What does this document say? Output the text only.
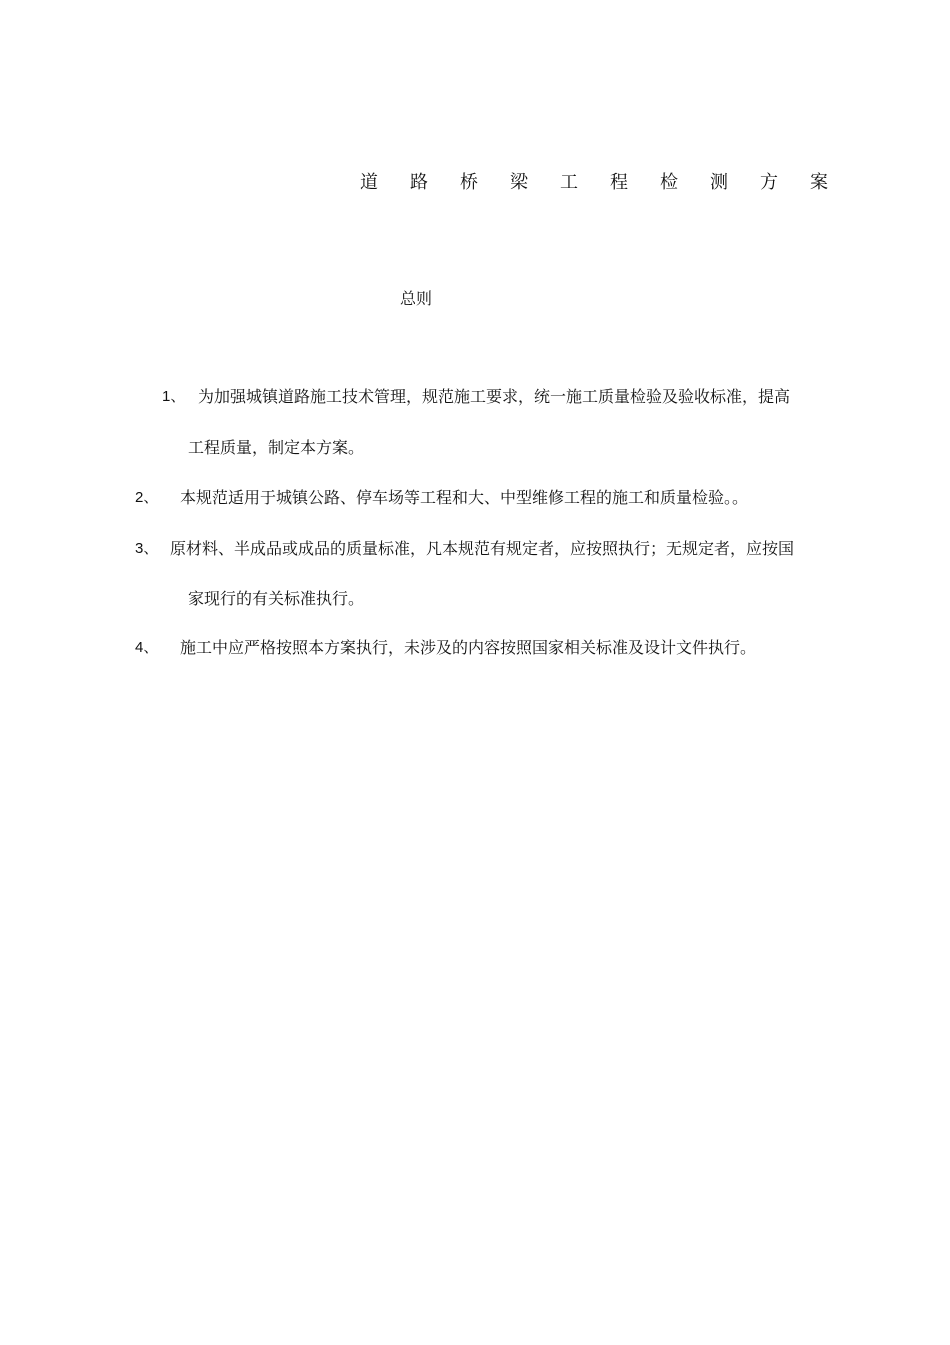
道	路	桥	梁	工	程	检	测	方	案
总则
1、 为加强城镇道路施工技术管理，规范施工要求，统一施工质量检验及验收标准，提高
工程质量，制定本方案。
2、 本规范适用于城镇公路、停车场等工程和大、中型维修工程的施工和质量检验。。
3、 原材料、半成品或成品的质量标准，凡本规范有规定者，应按照执行；无规定者，应按国
家现行的有关标准执行。
4、 施工中应严格按照本方案执行，未涉及的内容按照国家相关标准及设计文件执行。
